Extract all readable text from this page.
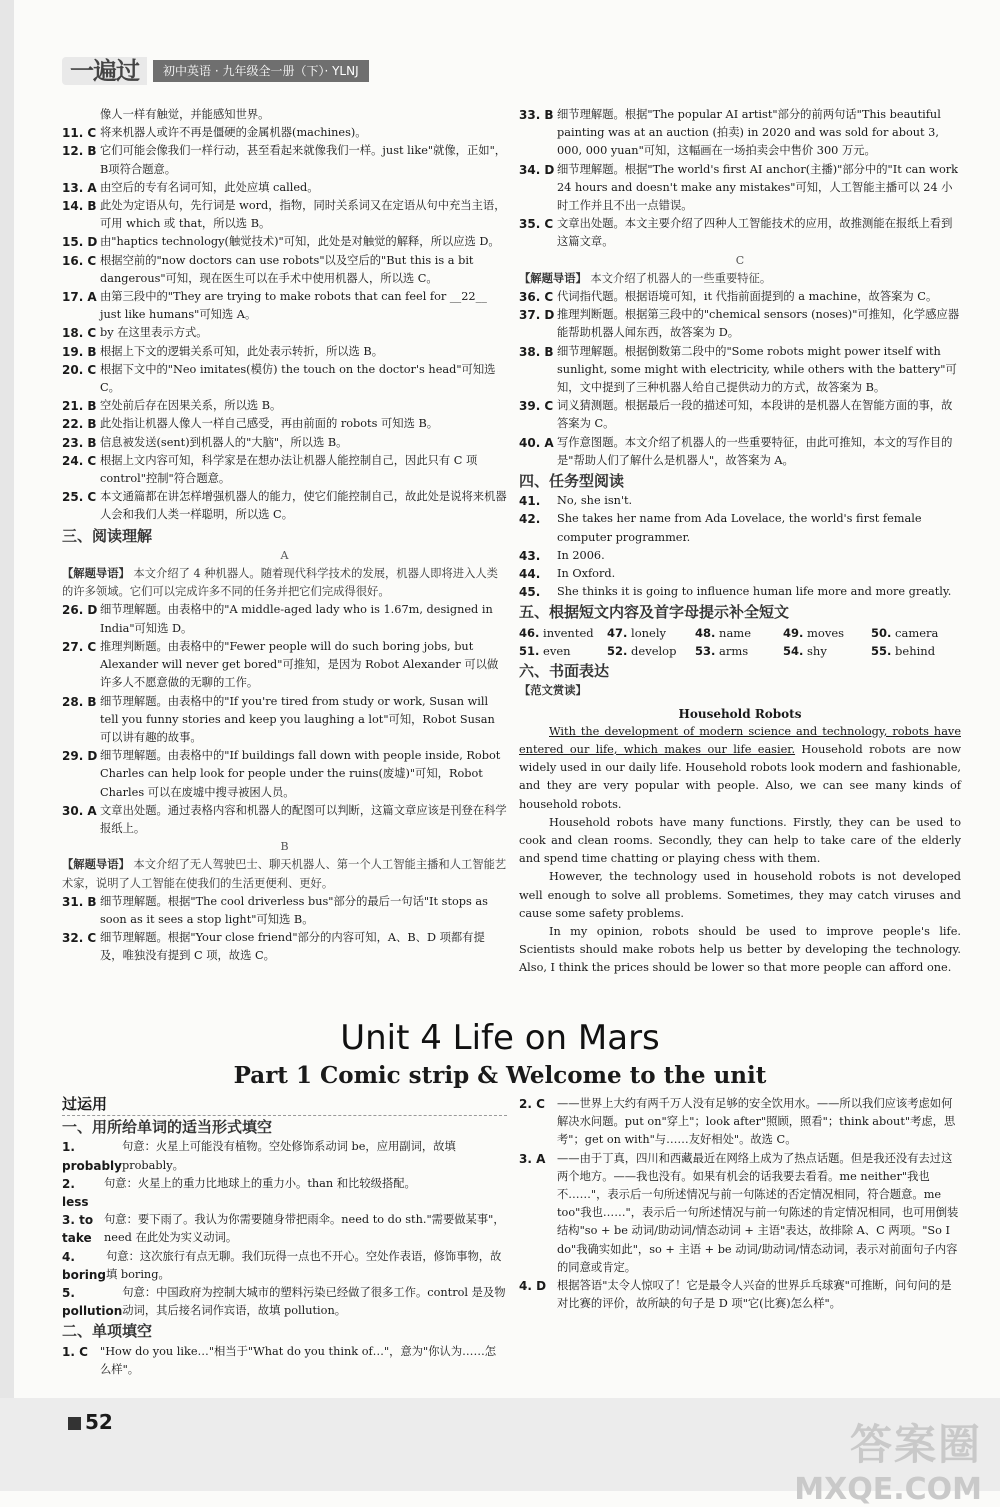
一遍过	初中英语 · 九年级全一册（下）· YLNJ
像人一样有触觉，并能感知世界。
11. C 将来机器人或许不再是僵硬的金属机器(machines)。
12. B 它们可能会像我们一样行动，甚至看起来就像我们一样。just like"就像，正如"，B项符合题意。
13. A 由空后的专有名词可知，此处应填 called。
14. B 此处为定语从句，先行词是 word，指物，同时关系词又在定语从句中充当主语，可用 which 或 that，所以选 B。
15. D 由"haptics technology(触觉技术)"可知，此处是对触觉的解释，所以应选 D。
16. C 根据空前的"now doctors can use robots"以及空后的"But this is a bit dangerous"可知，现在医生可以在手术中使用机器人，所以选 C。
17. A 由第三段中的"They are trying to make robots that can feel for __22__ just like humans"可知选 A。
18. C by 在这里表示方式。
19. B 根据上下文的逻辑关系可知，此处表示转折，所以选 B。
20. C 根据下文中的"Neo imitates(模仿) the touch on the doctor's head"可知选 C。
21. B 空处前后存在因果关系，所以选 B。
22. B 此处指让机器人像人一样自己感受，再由前面的 robots 可知选 B。
23. B 信息被发送(sent)到机器人的"大脑"，所以选 B。
24. C 根据上文内容可知，科学家是在想办法让机器人能控制自己，因此只有 C 项 control"控制"符合题意。
25. C 本文通篇都在讲怎样增强机器人的能力，使它们能控制自己，故此处是说将来机器人会和我们人类一样聪明，所以选 C。
三、阅读理解
A
【解题导语】 本文介绍了 4 种机器人。随着现代科学技术的发展，机器人即将进入人类的许多领域。它们可以完成许多不同的任务并把它们完成得很好。
26. D 细节理解题。由表格中的"A middle-aged lady who is 1.67m, designed in India"可知选 D。
27. C 推理判断题。由表格中的"Fewer people will do such boring jobs, but Alexander will never get bored"可推知，是因为 Robot Alexander 可以做许多人不愿意做的无聊的工作。
28. B 细节理解题。由表格中的"If you're tired from study or work, Susan will tell you funny stories and keep you laughing a lot"可知，Robot Susan 可以讲有趣的故事。
29. D 细节理解题。由表格中的"If buildings fall down with people inside, Robot Charles can help look for people under the ruins(废墟)"可知，Robot Charles 可以在废墟中搜寻被困人员。
30. A 文章出处题。通过表格内容和机器人的配图可以判断，这篇文章应该是刊登在科学报纸上。
B
【解题导语】 本文介绍了无人驾驶巴士、聊天机器人、第一个人工智能主播和人工智能艺术家，说明了人工智能在使我们的生活更便利、更好。
31. B 细节理解题。根据"The cool driverless bus"部分的最后一句话"It stops as soon as it sees a stop light"可知选 B。
32. C 细节理解题。根据"Your close friend"部分的内容可知，A、B、D 项都有提及，唯独没有提到 C 项，故选 C。
33. B 细节理解题。根据"The popular AI artist"部分的前两句话"This beautiful painting was at an auction (拍卖) in 2020 and was sold for about 3, 000, 000 yuan"可知，这幅画在一场拍卖会中售价 300 万元。
34. D 细节理解题。根据"The world's first AI anchor(主播)"部分中的"It can work 24 hours and doesn't make any mistakes"可知，人工智能主播可以 24 小时工作并且不出一点错误。
35. C 文章出处题。本文主要介绍了四种人工智能技术的应用，故推测能在报纸上看到这篇文章。
C
【解题导语】 本文介绍了机器人的一些重要特征。
36. C 代词指代题。根据语境可知，it 代指前面提到的 a machine，故答案为 C。
37. D 推理判断题。根据第三段中的"chemical sensors (noses)"可推知，化学感应器能帮助机器人闻东西，故答案为 D。
38. B 细节理解题。根据倒数第二段中的"Some robots might power itself with sunlight, some might with electricity, while others with the battery"可知，文中提到了三种机器人给自己提供动力的方式，故答案为 B。
39. C 词义猜测题。根据最后一段的描述可知，本段讲的是机器人在智能方面的事，故答案为 C。
40. A 写作意图题。本文介绍了机器人的一些重要特征，由此可推知，本文的写作目的是"帮助人们了解什么是机器人"，故答案为 A。
四、任务型阅读
41.	No, she isn't.
42.	She takes her name from Ada Lovelace, the world's first female computer programmer.
43.	In 2006.
44.	In Oxford.
45.	She thinks it is going to influence human life more and more greatly.
五、根据短文内容及首字母提示补全短文
46. invented	47. lonely	48. name	49. moves	50. camera
51. even	52. develop	53. arms	54. shy	55. behind
六、书面表达
【范文赏读】
Household Robots

With the development of modern science and technology, robots have entered our life, which makes our life easier. Household robots are now widely used in our daily life. Household robots look modern and fashionable, and they are very popular with people. Also, we can see many kinds of household robots.

Household robots have many functions. Firstly, they can be used to cook and clean rooms. Secondly, they can help to take care of the elderly and spend time chatting or playing chess with them.

However, the technology used in household robots is not developed well enough to solve all problems. Sometimes, they may catch viruses and cause some safety problems.

In my opinion, robots should be used to improve people's life. Scientists should make robots help us better by developing the technology. Also, I think the prices should be lower so that more people can afford one.

Unit 4 Life on Mars
Part 1 Comic strip & Welcome to the unit
过运用
一、用所给单词的适当形式填空
1. probably
句意：火星上可能没有植物。空处修饰系动词 be，应用副词，故填 probably。
2. less
句意：火星上的重力比地球上的重力小。than 和比较级搭配。
3. to take
句意：要下雨了。我认为你需要随身带把雨伞。need to do sth."需要做某事"，need 在此处为实义动词。
4. boring
句意：这次旅行有点无聊。我们玩得一点也不开心。空处作表语，修饰事物，故填 boring。
5. pollution
句意：中国政府为控制大城市的塑料污染已经做了很多工作。control 是及物动词，其后接名词作宾语，故填 pollution。
二、单项填空
1. C	"How do you like…"相当于"What do you think of…"，意为"你认为……怎么样"。
2. C	——世界上大约有两千万人没有足够的安全饮用水。——所以我们应该考虑如何解决水问题。put on"穿上"；look after"照顾，照看"；think about"考虑，思考"；get on with"与……友好相处"。故选 C。
3. A	——由于丁真，四川和西藏最近在网络上成为了热点话题。但是我还没有去过这两个地方。——我也没有。如果有机会的话我要去看看。me neither"我也不……"，表示后一句所述情况与前一句陈述的否定情况相同，符合题意。me too"我也……"，表示后一句所述情况与前一句陈述的肯定情况相同，也可用倒装结构"so + be 动词/助动词/情态动词 + 主语"表达，故排除 A、C 两项。"So I do"我确实如此"，so + 主语 + be 动词/助动词/情态动词，表示对前面句子内容的同意或肯定。
4. D 根据答语"太令人惊叹了！它是最令人兴奋的世界乒乓球赛"可推断，问句问的是对比赛的评价，故所缺的句子是 D 项"它(比赛)怎么样"。
52	答案圈
MXQE.COM
